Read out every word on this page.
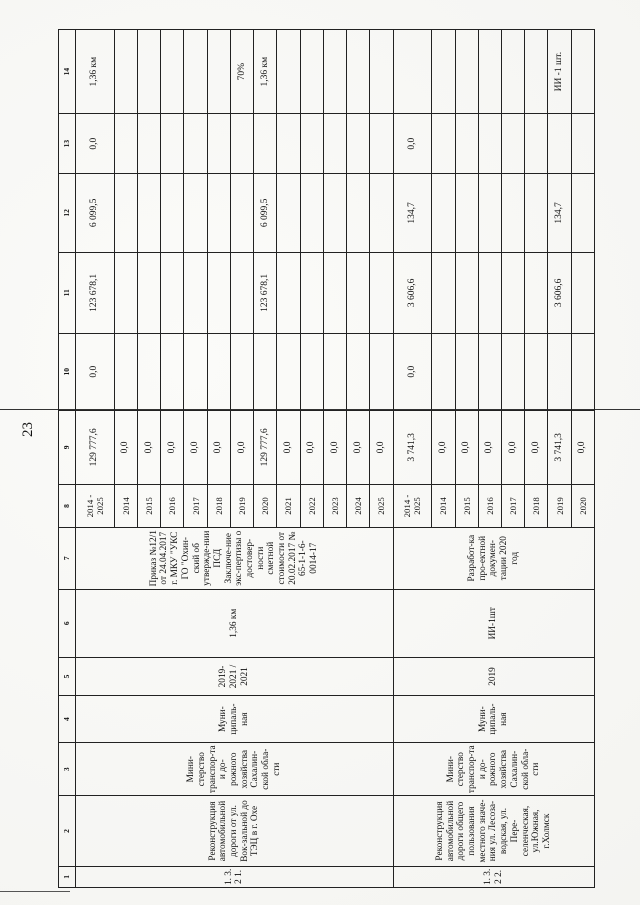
23
1	2	3	4	5	6	7	8	9	10	11	12	13	14
1. 3. 2 1.	Реконструкция автомобильной дороги от ул. Вок-зальной до ТЭЦ в г. Охе	Мини-стерство транспор-та и до-рожного хозяйства Сахалин-ской обла-сти	Муни-ципаль-ная	2019-2021 / 2021	1,36 км	Приказ №12/1 от 24.04.2017 г. МКУ "УКС ГО "Охин-ский об утвержде-нии ПСД Заключе-ние экс-пертизы о достовер-ности сметной стоимости от 20.02.2017 № 65-1-1-6-0014-17	2014 - 2025	129 777,6	0,0	123 678,1	6 099,5	0,0	1,36 км
							2014	0,0					
							2015	0,0					
							2016	0,0					
							2017	0,0					
							2018	0,0					
							2019	0,0					70%
							2020	129 777,6		123 678,1	6 099,5		1,36 км
							2021	0,0					
							2022	0,0					
							2023	0,0					
							2024	0,0					
							2025	0,0					
1. 3. 2 2.	Реконструкция автомобильной дороги общего пользования местного значе-ния ул. Лесоза-водская, ул. Пере-селенческая, ул.Южная, г.Холмск	Мини-стерство транспор-та и до-рожного хозяйства Сахалин-ской обла-сти	Муни-ципаль-ная	2019	ИИ-1шт	Разработ-ка про-ектной докумен-тации 2020 год	2014 - 2025	3 741,3	0,0	3 606,6	134,7	0,0	
							2014	0,0					
							2015	0,0					
							2016	0,0					
							2017	0,0					
							2018	0,0					
							2019	3 741,3		3 606,6	134,7		ИИ -1 шт.
							2020	0,0					
